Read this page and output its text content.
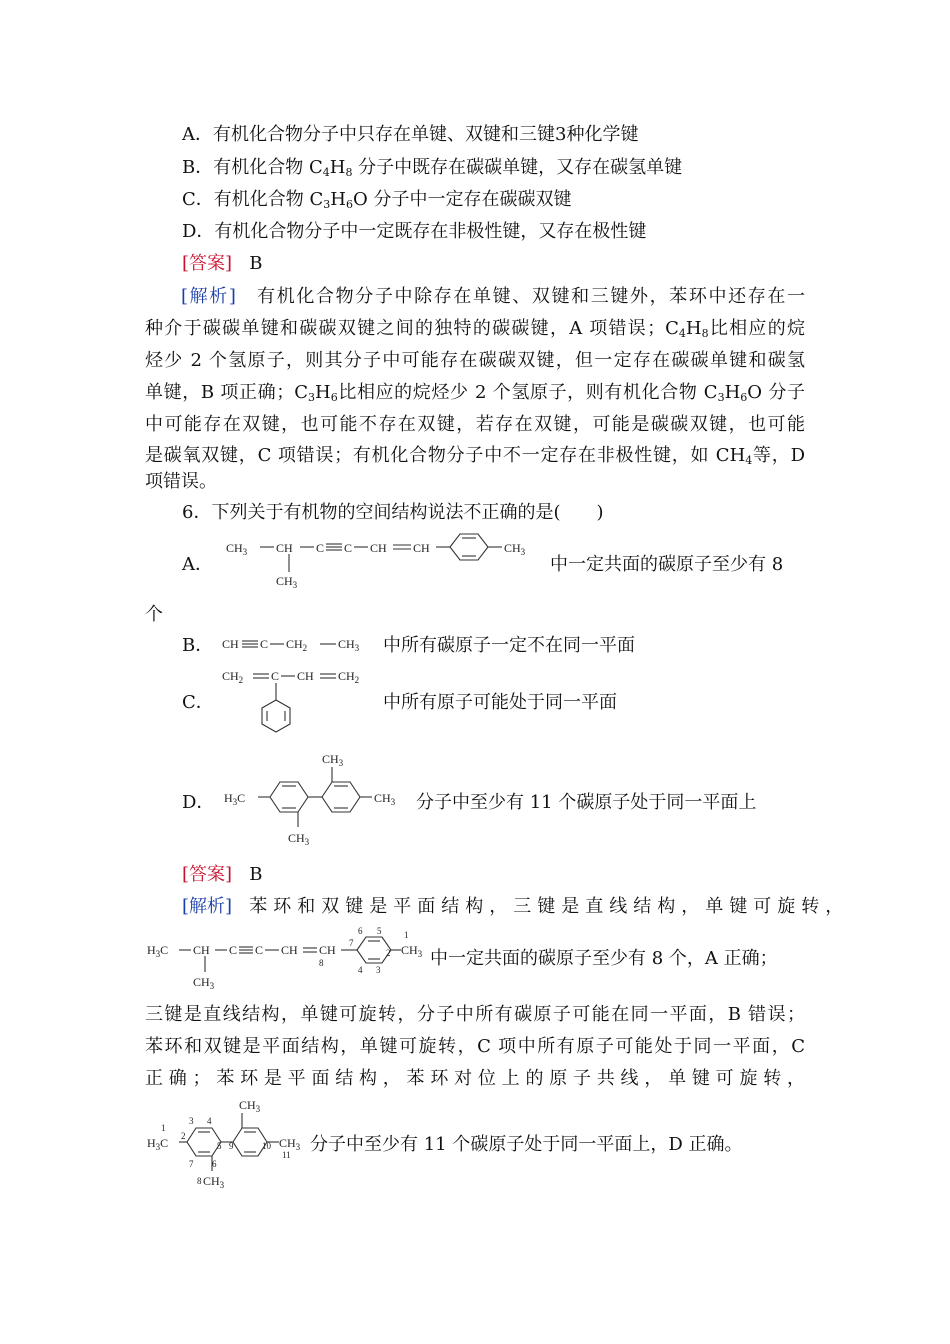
A．有机化合物分子中只存在单键、双键和三键3种化学键
B．有机化合物 $C_4H_8$ 分子中既存在碳碳单键，又存在碳氢单键
C．有机化合物 $C_3H_6O$ 分子中一定存在碳碳双键
D．有机化合物分子中一定既存在非极性键，又存在极性键
[答案] B
[解析]　 有机化合物分子中除存在单键、双键和三键外，苯环中还存在一
种介于碳碳单键和碳碳双键之间的独特的碳碳键，A 项错误；$C_4H_8$比相应的烷
烃少 2 个氢原子，则其分子中可能存在碳碳双键，但一定存在碳碳单键和碳氢
单键，B 项正确；$C_3H_6$比相应的烷烃少 2 个氢原子，则有机化合物 $C_3H_6O$ 分子
中可能存在双键，也可能不存在双键，若存在双键，可能是碳碳双键，也可能
是碳氧双键，C 项错误；有机化合物分子中不一定存在非极性键，如 $CH_4$等，D
项错误。
6．下列关于有机物的空间结构说法不正确的是(　　)
A．
$CH_3$ CH
$CH_3$
C C CH CH	$CH_3$
中一定共面的碳原子至少有 8
个
B． CH C $CH_2$	$CH_3$ 中所有碳原子一定不在同一平面
C．
$CH_2$ C CH $CH_2$
中所有原子可能处于同一平面
D． $H_3C$
$CH_3$
$CH_3$
$CH_3$ 分子中至少有 11 个碳原子处于同一平面上
[答案] B
[解析] 苯环和双键是平面结构，三键是直线结构，单键可旋转，
$H_3C$ CH
$CH_3$
C C CH CH
8
7
6 5
4 3
2
1
$CH_3$ 中一定共面的碳原子至少有 8 个，A 正确；
三键是直线结构，单键可旋转，分子中所有碳原子可能在同一平面，B 错误；
苯环和双键是平面结构，单键可旋转，C 项中所有原子可能处于同一平面，C
正确；苯环是平面结构，苯环对位上的原子共线，单键可旋转，
1
$H_3C$ 2
3 4
5
6
7
9
$CH_3$
10 $CH_3$
11
8 $CH_3$
分子中至少有 11 个碳原子处于同一平面上，D 正确。
